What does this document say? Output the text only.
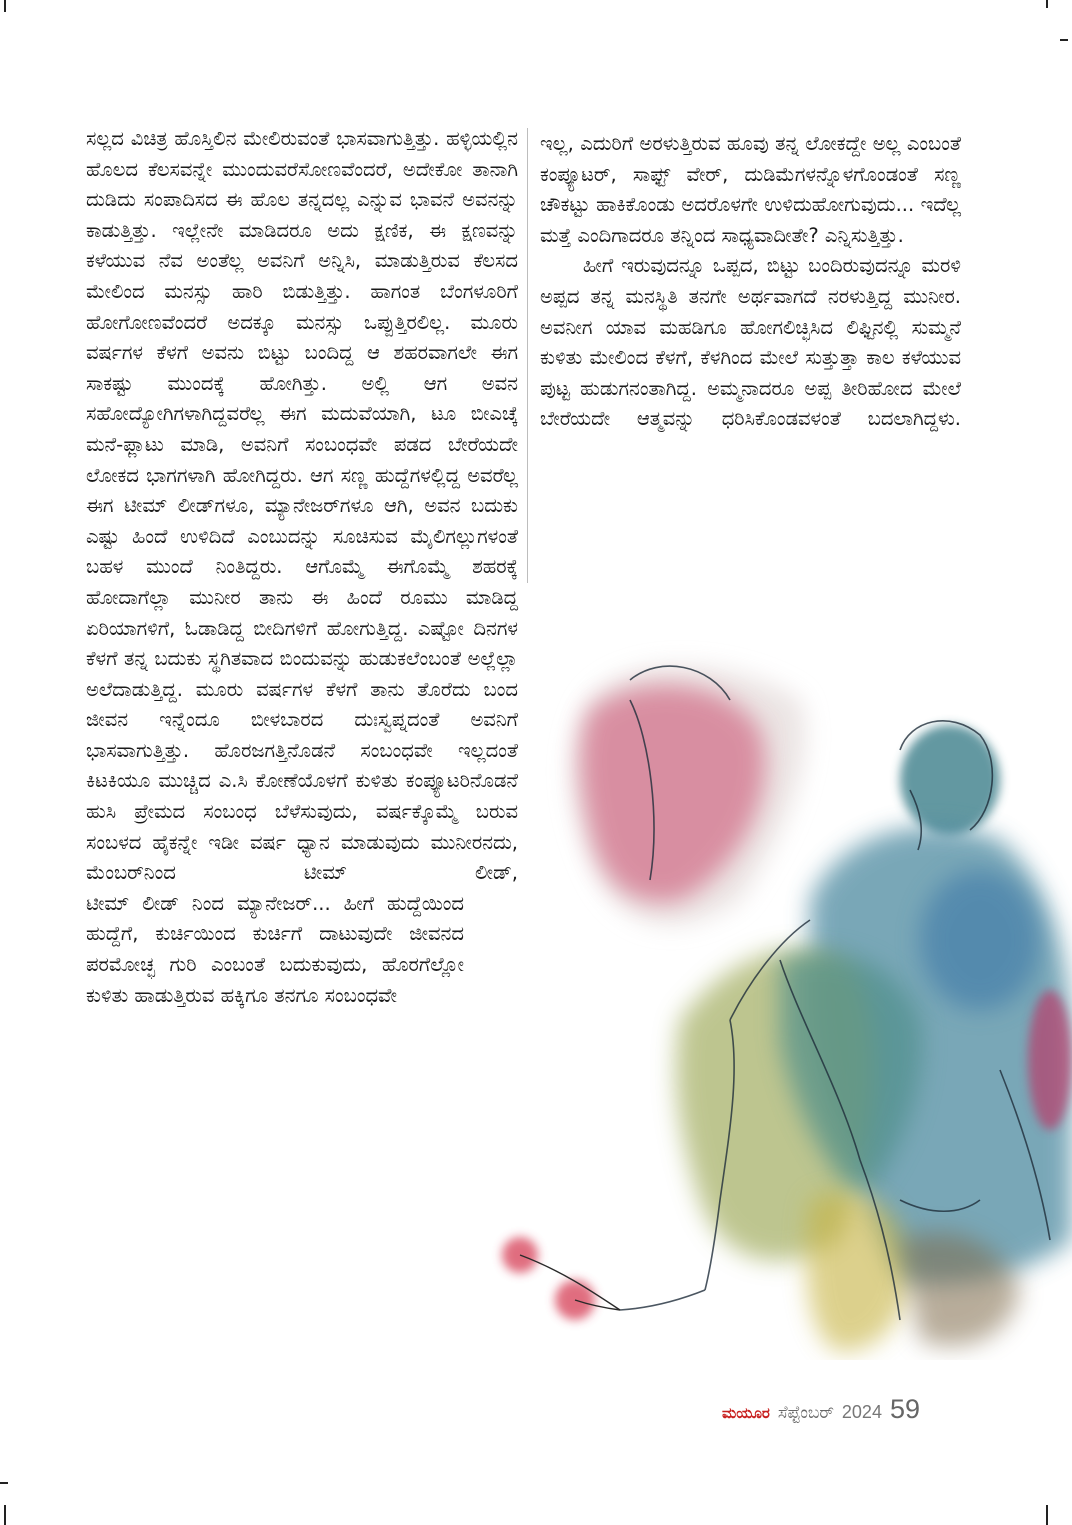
ಸಲ್ಲದ ವಿಚಿತ್ರ ಹೊಸ್ತಿಲಿನ ಮೇಲಿರುವಂತೆ ಭಾಸವಾಗುತ್ತಿತ್ತು. ಹಳ್ಳಿಯಲ್ಲಿನ ಹೊಲದ ಕೆಲಸವನ್ನೇ ಮುಂದುವರೆಸೋಣವೆಂದರೆ, ಅದೇಕೋ ತಾನಾಗಿ ದುಡಿದು ಸಂಪಾದಿಸದ ಈ ಹೊಲ ತನ್ನದಲ್ಲ ಎನ್ನುವ ಭಾವನೆ ಅವನನ್ನು ಕಾಡುತ್ತಿತ್ತು. ಇಲ್ಲೇನೇ ಮಾಡಿದರೂ ಅದು ಕ್ಷಣಿಕ, ಈ ಕ್ಷಣವನ್ನು ಕಳೆಯುವ ನೆವ ಅಂತೆಲ್ಲ ಅವನಿಗೆ ಅನ್ನಿಸಿ, ಮಾಡುತ್ತಿರುವ ಕೆಲಸದ ಮೇಲಿಂದ ಮನಸ್ಸು ಹಾರಿ ಬಿಡುತ್ತಿತ್ತು. ಹಾಗಂತ ಬೆಂಗಳೂರಿಗೆ ಹೋಗೋಣವೆಂದರೆ ಅದಕ್ಕೂ ಮನಸ್ಸು ಒಪ್ಪುತ್ತಿರಲಿಲ್ಲ. ಮೂರು ವರ್ಷಗಳ ಕೆಳಗೆ ಅವನು ಬಿಟ್ಟು ಬಂದಿದ್ದ ಆ ಶಹರವಾಗಲೇ ಈಗ ಸಾಕಷ್ಟು ಮುಂದಕ್ಕೆ ಹೋಗಿತ್ತು. ಅಲ್ಲಿ ಆಗ ಅವನ ಸಹೋದ್ಯೋಗಿಗಳಾಗಿದ್ದವರೆಲ್ಲ ಈಗ ಮದುವೆಯಾಗಿ, ಟೂ ಬೀಎಚ್ಕೆ ಮನೆ-ಫ್ಲಾಟು ಮಾಡಿ, ಅವನಿಗೆ ಸಂಬಂಧವೇ ಪಡದ ಬೇರೆಯದೇ ಲೋಕದ ಭಾಗಗಳಾಗಿ ಹೋಗಿದ್ದರು. ಆಗ ಸಣ್ಣ ಹುದ್ದೆಗಳಲ್ಲಿದ್ದ ಅವರೆಲ್ಲ ಈಗ ಟೀಮ್ ಲೀಡ್‌ಗಳೂ, ಮ್ಯಾನೇಜರ್‌ಗಳೂ ಆಗಿ, ಅವನ ಬದುಕು ಎಷ್ಟು ಹಿಂದೆ ಉಳಿದಿದೆ ಎಂಬುದನ್ನು ಸೂಚಿಸುವ ಮೈಲಿಗಲ್ಲುಗಳಂತೆ ಬಹಳ ಮುಂದೆ ನಿಂತಿದ್ದರು. ಆಗೊಮ್ಮೆ ಈಗೊಮ್ಮೆ ಶಹರಕ್ಕೆ ಹೋದಾಗೆಲ್ಲಾ ಮುನೀರ ತಾನು ಈ ಹಿಂದೆ ರೂಮು ಮಾಡಿದ್ದ ಏರಿಯಾಗಳಿಗೆ, ಓಡಾಡಿದ್ದ ಬೀದಿಗಳಿಗೆ ಹೋಗುತ್ತಿದ್ದ. ಎಷ್ಟೋ ದಿನಗಳ ಕೆಳಗೆ ತನ್ನ ಬದುಕು ಸ್ಥಗಿತವಾದ ಬಿಂದುವನ್ನು ಹುಡುಕಲೆಂಬಂತೆ ಅಲ್ಲೆಲ್ಲಾ ಅಲೆದಾಡುತ್ತಿದ್ದ. ಮೂರು ವರ್ಷಗಳ ಕೆಳಗೆ ತಾನು ತೊರೆದು ಬಂದ ಜೀವನ ಇನ್ನೆಂದೂ ಬೀಳಬಾರದ ದುಃಸ್ವಪ್ನದಂತೆ ಅವನಿಗೆ ಭಾಸವಾಗುತ್ತಿತ್ತು. ಹೊರಜಗತ್ತಿನೊಡನೆ ಸಂಬಂಧವೇ ಇಲ್ಲದಂತೆ ಕಿಟಕಿಯೂ ಮುಚ್ಚಿದ ಎ.ಸಿ ಕೋಣೆಯೊಳಗೆ ಕುಳಿತು ಕಂಪ್ಯೂಟರಿನೊಡನೆ ಹುಸಿ ಪ್ರೇಮದ ಸಂಬಂಧ ಬೆಳೆಸುವುದು, ವರ್ಷಕ್ಕೊಮ್ಮೆ ಬರುವ ಸಂಬಳದ ಹೈಕನ್ನೇ ಇಡೀ ವರ್ಷ ಧ್ಯಾನ ಮಾಡುವುದು ಮುನೀರನದು, ಮೆಂಬರ್‌ನಿಂದ ಟೀಮ್ ಲೀಡ್,

ಟೀಮ್ ಲೀಡ್ ನಿಂದ ಮ್ಯಾನೇಜರ್... ಹೀಗೆ ಹುದ್ದೆಯಿಂದ ಹುದ್ದೆಗೆ, ಕುರ್ಚಿಯಿಂದ ಕುರ್ಚಿಗೆ ದಾಟುವುದೇ ಜೀವನದ ಪರಮೋಚ್ಛ ಗುರಿ ಎಂಬಂತೆ ಬದುಕುವುದು, ಹೊರಗೆಲ್ಲೋ ಕುಳಿತು ಹಾಡುತ್ತಿರುವ ಹಕ್ಕಿಗೂ ತನಗೂ ಸಂಬಂಧವೇ

ಇಲ್ಲ, ಎದುರಿಗೆ ಅರಳುತ್ತಿರುವ ಹೂವು ತನ್ನ ಲೋಕದ್ದೇ ಅಲ್ಲ ಎಂಬಂತೆ ಕಂಪ್ಯೂಟರ್, ಸಾಫ್ಟ್ ವೇರ್, ದುಡಿಮೆಗಳನ್ನೊಳಗೊಂಡಂತೆ ಸಣ್ಣ ಚೌಕಟ್ಟು ಹಾಕಿಕೊಂಡು ಅದರೊಳಗೇ ಉಳಿದುಹೋಗುವುದು... ಇದೆಲ್ಲ ಮತ್ತೆ ಎಂದಿಗಾದರೂ ತನ್ನಿಂದ ಸಾಧ್ಯವಾದೀತೇ? ಎನ್ನಿಸುತ್ತಿತ್ತು.

ಹೀಗೆ ಇರುವುದನ್ನೂ ಒಪ್ಪದ, ಬಿಟ್ಟು ಬಂದಿರುವುದನ್ನೂ ಮರಳಿ ಅಪ್ಪದ ತನ್ನ ಮನಸ್ಥಿತಿ ತನಗೇ ಅರ್ಥವಾಗದೆ ನರಳುತ್ತಿದ್ದ ಮುನೀರ. ಅವನೀಗ ಯಾವ ಮಹಡಿಗೂ ಹೋಗಲಿಚ್ಛಿಸಿದ ಲಿಫ್ಟಿನಲ್ಲಿ ಸುಮ್ಮನೆ ಕುಳಿತು ಮೇಲಿಂದ ಕೆಳಗೆ, ಕೆಳಗಿಂದ ಮೇಲೆ ಸುತ್ತುತ್ತಾ ಕಾಲ ಕಳೆಯುವ ಪುಟ್ಟ ಹುಡುಗನಂತಾಗಿದ್ದ. ಅಮ್ಮನಾದರೂ ಅಪ್ಪ ತೀರಿಹೋದ ಮೇಲೆ ಬೇರೆಯದೇ ಆತ್ಮವನ್ನು ಧರಿಸಿಕೊಂಡವಳಂತೆ ಬದಲಾಗಿದ್ದಳು.

ಮಯೂರ ಸೆಪ್ಟೆಂಬರ್ 2024 59
